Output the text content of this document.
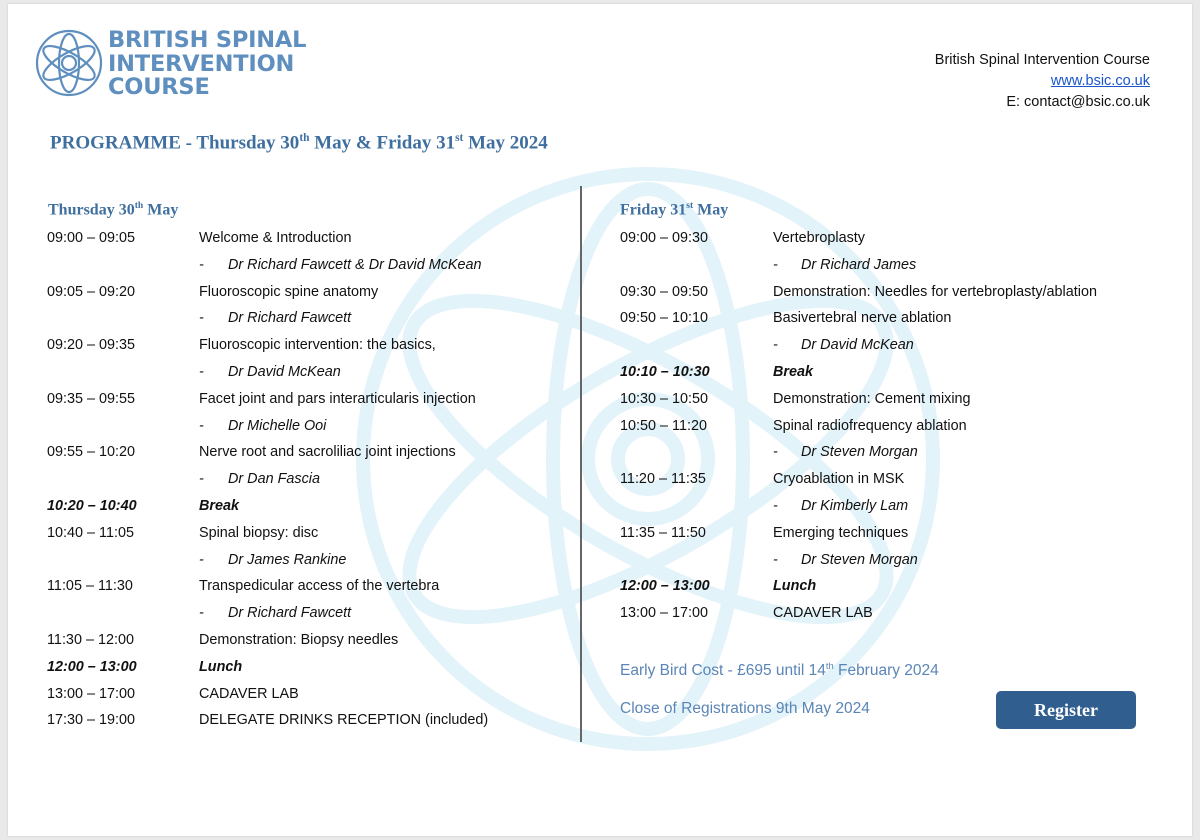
BRITISH SPINAL
INTERVENTION
COURSE
British Spinal Intervention Course
www.bsic.co.uk
E: contact@bsic.co.uk
PROGRAMME - Thursday 30th May & Friday 31st May 2024
Thursday 30th May
09:00 – 09:05	Welcome & Introduction
- Dr Richard Fawcett & Dr David McKean
09:05 – 09:20	Fluoroscopic spine anatomy
- Dr Richard Fawcett
09:20 – 09:35	Fluoroscopic intervention: the basics,
- Dr David McKean
09:35 – 09:55	Facet joint and pars interarticularis injection
- Dr Michelle Ooi
09:55 – 10:20	Nerve root and sacroliliac joint injections
- Dr Dan Fascia
10:20 – 10:40	Break
10:40 – 11:05	Spinal biopsy: disc
- Dr James Rankine
11:05 – 11:30	Transpedicular access of the vertebra
- Dr Richard Fawcett
11:30 – 12:00	Demonstration: Biopsy needles
12:00 – 13:00	Lunch
13:00 – 17:00	CADAVER LAB
17:30 – 19:00	DELEGATE DRINKS RECEPTION (included)
Friday 31st May
09:00 – 09:30	Vertebroplasty
- Dr Richard James
09:30 – 09:50	Demonstration: Needles for vertebroplasty/ablation
09:50 – 10:10	Basivertebral nerve ablation
- Dr David McKean
10:10 – 10:30	Break
10:30 – 10:50	Demonstration: Cement mixing
10:50 – 11:20	Spinal radiofrequency ablation
- Dr Steven Morgan
11:20 – 11:35	Cryoablation in MSK
- Dr Kimberly Lam
11:35 – 11:50	Emerging techniques
- Dr Steven Morgan
12:00 – 13:00	Lunch
13:00 – 17:00	CADAVER LAB
Early Bird Cost - £695 until 14th February 2024
Close of Registrations 9th May 2024	Register
